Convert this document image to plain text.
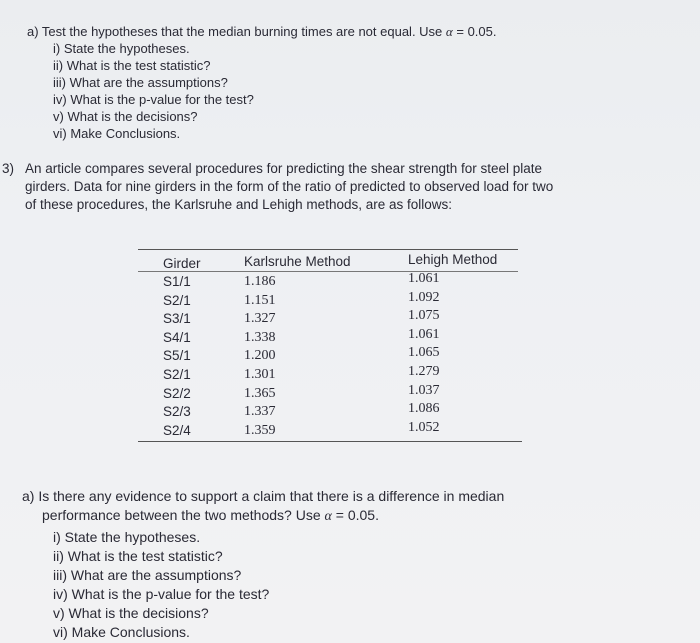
a) Test the hypotheses that the median burning times are not equal. Use α = 0.05.
i) State the hypotheses.
ii) What is the test statistic?
iii) What are the assumptions?
iv) What is the p-value for the test?
v) What is the decisions?
vi) Make Conclusions.
3) An article compares several procedures for predicting the shear strength for steel plate
girders. Data for nine girders in the form of the ratio of predicted to observed load for two
of these procedures, the Karlsruhe and Lehigh methods, are as follows:
Girder	Karlsruhe Method	Lehigh Method
S1/1	1.186	1.061
S2/1	1.151	1.092
S3/1	1.327	1.075
S4/1	1.338	1.061
S5/1	1.200	1.065
S2/1	1.301	1.279
S2/2	1.365	1.037
S2/3	1.337	1.086
S2/4	1.359	1.052
a) Is there any evidence to support a claim that there is a difference in median
performance between the two methods? Use α = 0.05.
i) State the hypotheses.
ii) What is the test statistic?
iii) What are the assumptions?
iv) What is the p-value for the test?
v) What is the decisions?
vi) Make Conclusions.
